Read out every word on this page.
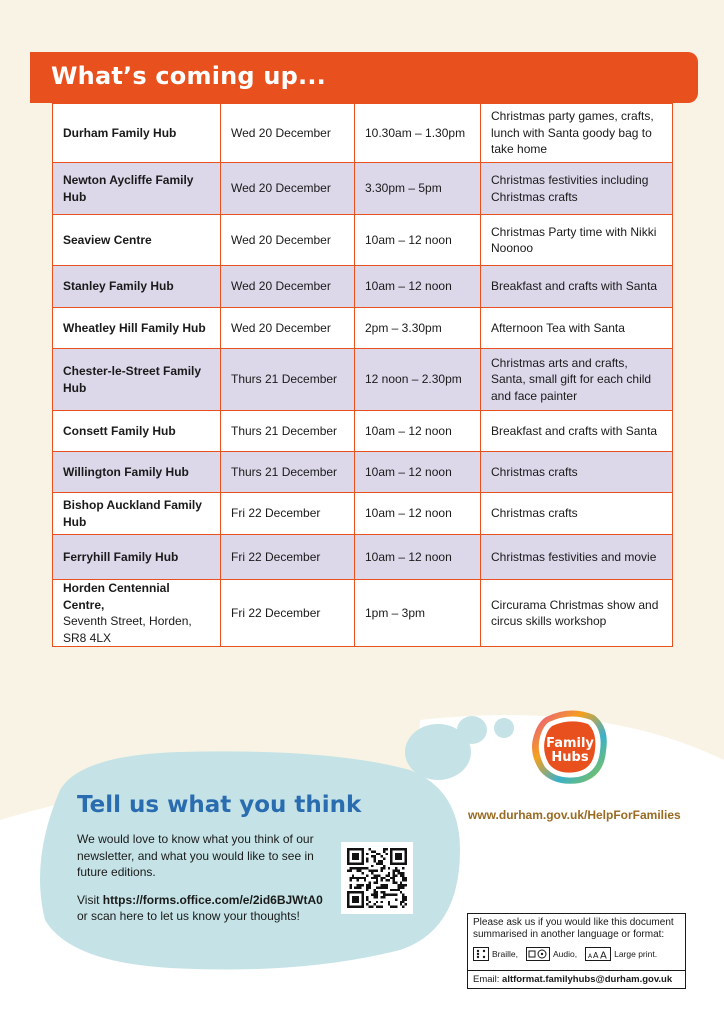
What’s coming up...
Durham Family Hub	Wed 20 December	10.30am – 1.30pm	Christmas party games, crafts, lunch with Santa goody bag to take home
Newton Aycliffe Family Hub	Wed 20 December	3.30pm – 5pm	Christmas festivities including Christmas crafts
Seaview Centre	Wed 20 December	10am – 12 noon	Christmas Party time with Nikki Noonoo
Stanley Family Hub	Wed 20 December	10am – 12 noon	Breakfast and crafts with Santa
Wheatley Hill Family Hub	Wed 20 December	2pm – 3.30pm	Afternoon Tea with Santa
Chester-le-Street Family Hub	Thurs 21 December	12 noon – 2.30pm	Christmas arts and crafts, Santa, small gift for each child and face painter
Consett Family Hub	Thurs 21 December	10am – 12 noon	Breakfast and crafts with Santa
Willington Family Hub	Thurs 21 December	10am – 12 noon	Christmas crafts
Bishop Auckland Family Hub	Fri 22 December	10am – 12 noon	Christmas crafts
Ferryhill Family Hub	Fri 22 December	10am – 12 noon	Christmas festivities and movie
Horden Centennial Centre,
Seventh Street, Horden, SR8 4LX	Fri 22 December	1pm – 3pm	Circurama Christmas show and circus skills workshop
Tell us what you think

We would love to know what you think of our newsletter, and what you would like to see in future editions.

Visit https://forms.office.com/e/2id6BJWtA0 or scan here to let us know your thoughts!

Family
Hubs
www.durham.gov.uk/HelpForFamilies
Please ask us if you would like this document summarised in another language or format:
Braille,	Audio, A A A Large print.
Email: altformat.familyhubs@durham.gov.uk
